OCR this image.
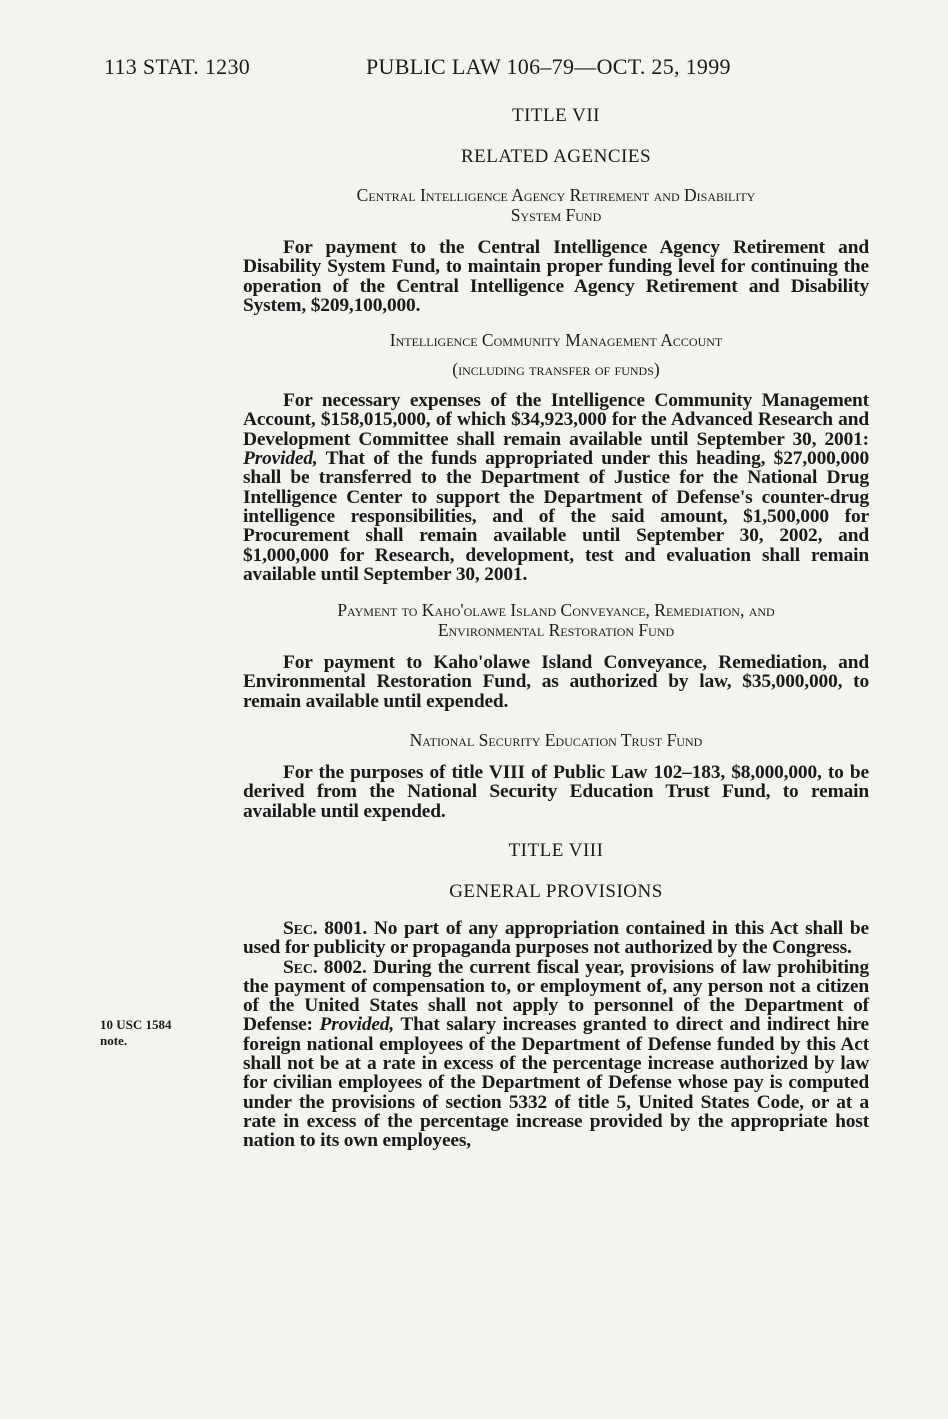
113 STAT. 1230	PUBLIC LAW 106–79—OCT. 25, 1999
10 USC 1584
note.

TITLE VII

RELATED AGENCIES

Central Intelligence Agency Retirement and Disability

System Fund

For payment to the Central Intelligence Agency Retirement and Disability System Fund, to maintain proper funding level for continuing the operation of the Central Intelligence Agency Retirement and Disability System, $209,100,000.

Intelligence Community Management Account

(including transfer of funds)

For necessary expenses of the Intelligence Community Management Account, $158,015,000, of which $34,923,000 for the Advanced Research and Development Committee shall remain available until September 30, 2001: Provided, That of the funds appropriated under this heading, $27,000,000 shall be transferred to the Department of Justice for the National Drug Intelligence Center to support the Department of Defense's counter-drug intelligence responsibilities, and of the said amount, $1,500,000 for Procurement shall remain available until September 30, 2002, and $1,000,000 for Research, development, test and evaluation shall remain available until September 30, 2001.

Payment to Kaho'olawe Island Conveyance, Remediation, and

Environmental Restoration Fund

For payment to Kaho'olawe Island Conveyance, Remediation, and Environmental Restoration Fund, as authorized by law, $35,000,000, to remain available until expended.

National Security Education Trust Fund

For the purposes of title VIII of Public Law 102–183, $8,000,000, to be derived from the National Security Education Trust Fund, to remain available until expended.

TITLE VIII

GENERAL PROVISIONS

Sec. 8001. No part of any appropriation contained in this Act shall be used for publicity or propaganda purposes not authorized by the Congress.

Sec. 8002. During the current fiscal year, provisions of law prohibiting the payment of compensation to, or employment of, any person not a citizen of the United States shall not apply to personnel of the Department of Defense: Provided, That salary increases granted to direct and indirect hire foreign national employees of the Department of Defense funded by this Act shall not be at a rate in excess of the percentage increase authorized by law for civilian employees of the Department of Defense whose pay is computed under the provisions of section 5332 of title 5, United States Code, or at a rate in excess of the percentage increase provided by the appropriate host nation to its own employees,
